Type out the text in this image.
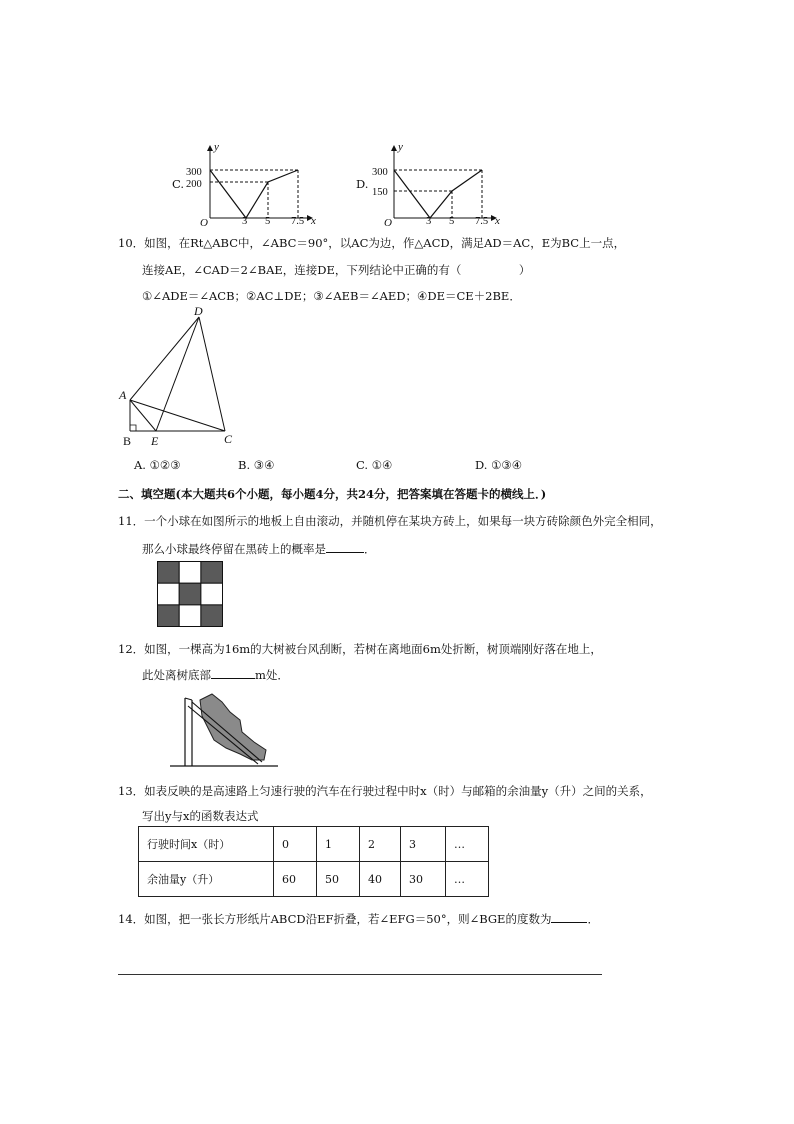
C.
y
x
O
300
200
3 5 7.5
D.
y
x
O
300
150
3 5 7.5
10．如图，在Rt△ABC中，∠ABC＝90°，以AC为边，作△ACD，满足AD＝AC，E为BC上一点，
连接AE，∠CAD＝2∠BAE，连接DE，下列结论中正确的有（　　　　　）
①∠ADE＝∠ACB；②AC⊥DE；③∠AEB＝∠AED；④DE＝CE＋2BE．
D
A
B E	C
A. ①②③	B. ③④	C. ①④	D. ①③④
二、填空题(本大题共6个小题，每小题4分，共24分，把答案填在答题卡的横线上．)
11．一个小球在如图所示的地板上自由滚动，并随机停在某块方砖上，如果每一块方砖除颜色外完全相同，
那么小球最终停留在黑砖上的概率是	．
12．如图，一棵高为16m的大树被台风刮断，若树在离地面6m处折断，树顶端刚好落在地上，
此处离树底部	m处．
13．如表反映的是高速路上匀速行驶的汽车在行驶过程中时x（时）与邮箱的余油量y（升）之间的关系，
写出y与x的函数表达式
行驶时间x（时）	0	1	2	3	…
余油量y（升）	60	50	40	30	…
14．如图，把一张长方形纸片ABCD沿EF折叠，若∠EFG＝50°，则∠BGE的度数为	．
